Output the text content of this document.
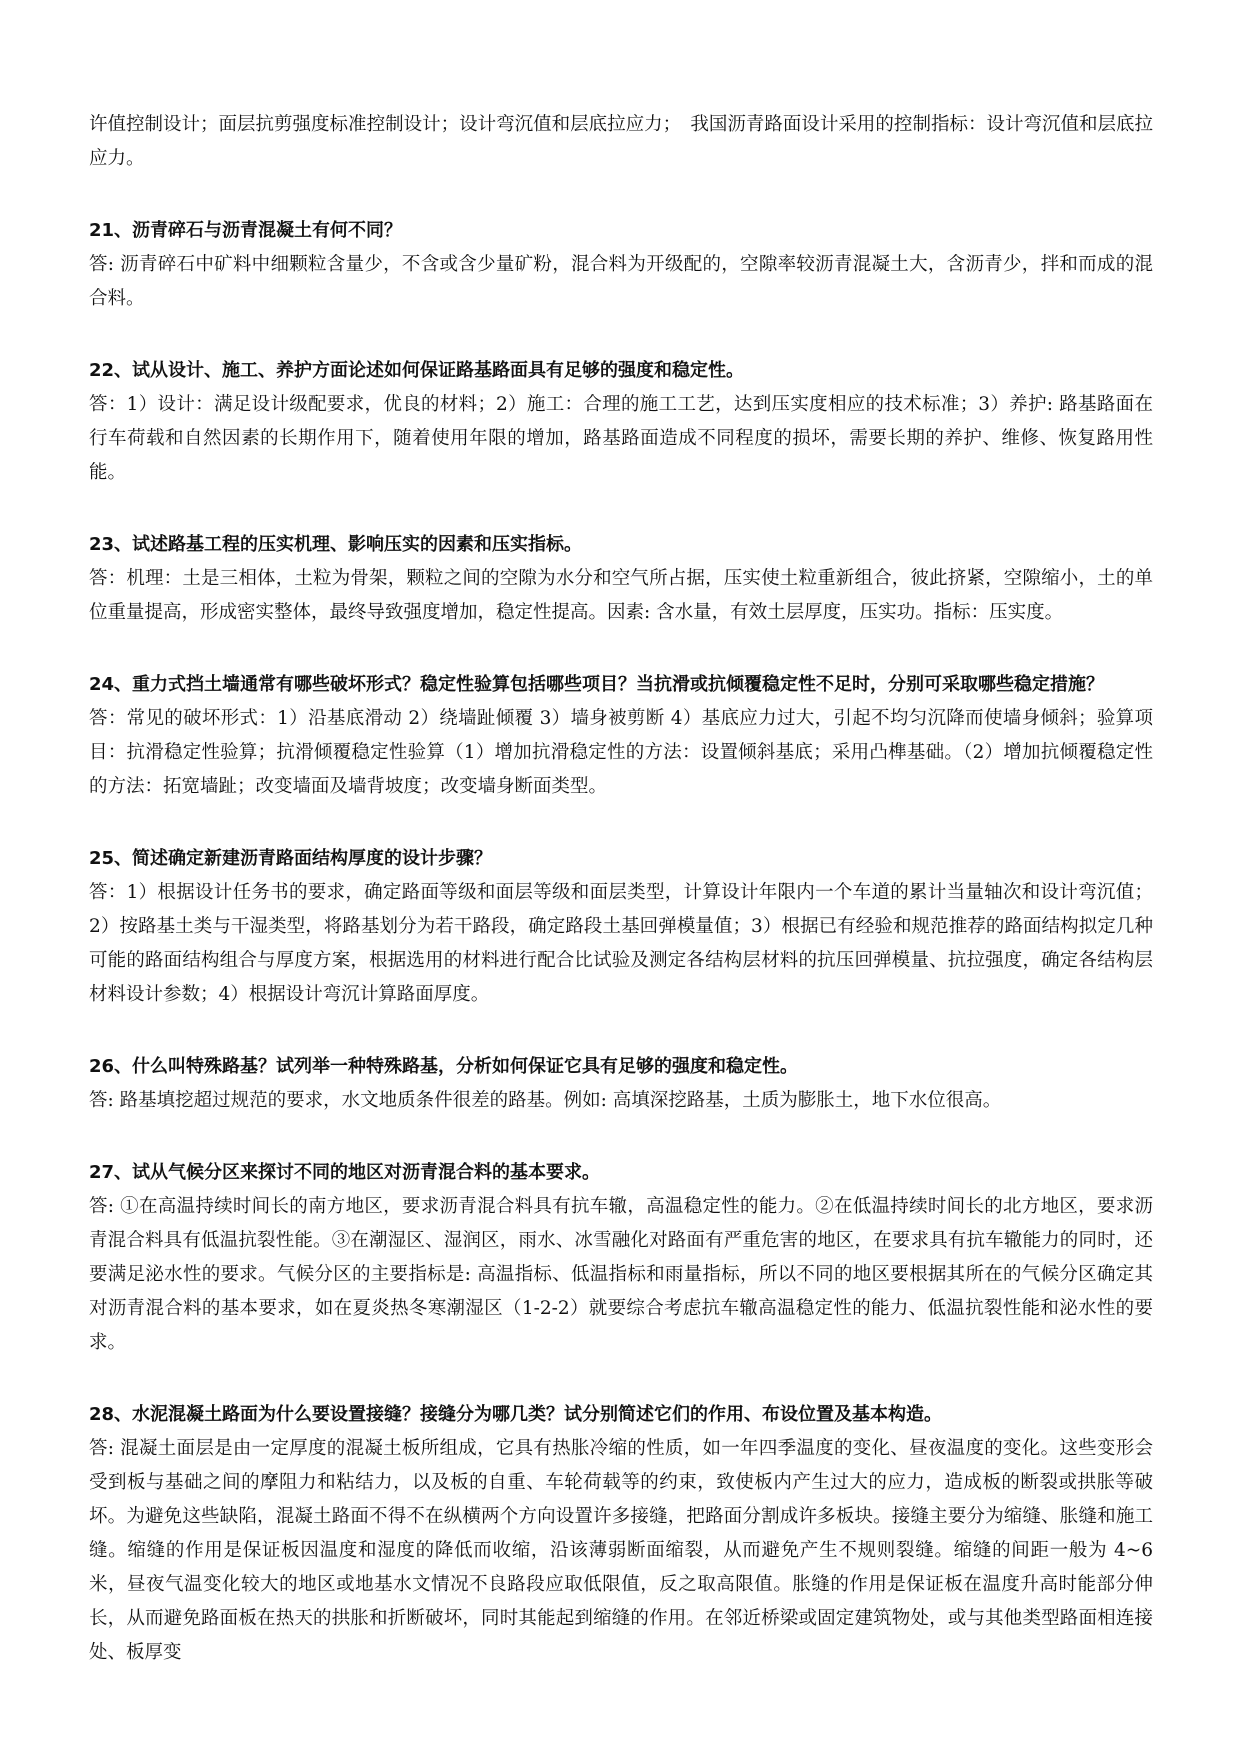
许值控制设计；面层抗剪强度标准控制设计；设计弯沉值和层底拉应力；　我国沥青路面设计采用的控制指标：设计弯沉值和层底拉应力。

21、沥青碎石与沥青混凝土有何不同？

答: 沥青碎石中矿料中细颗粒含量少，不含或含少量矿粉，混合料为开级配的，空隙率较沥青混凝土大，含沥青少，拌和而成的混合料。

22、试从设计、施工、养护方面论述如何保证路基路面具有足够的强度和稳定性。

答：1）设计：满足设计级配要求，优良的材料；2）施工：合理的施工工艺，达到压实度相应的技术标准；3）养护: 路基路面在行车荷载和自然因素的长期作用下，随着使用年限的增加，路基路面造成不同程度的损坏，需要长期的养护、维修、恢复路用性能。

23、试述路基工程的压实机理、影响压实的因素和压实指标。

答：机理：土是三相体，土粒为骨架，颗粒之间的空隙为水分和空气所占据，压实使土粒重新组合，彼此挤紧，空隙缩小，土的单位重量提高，形成密实整体，最终导致强度增加，稳定性提高。因素: 含水量，有效土层厚度，压实功。指标：压实度。

24、重力式挡土墙通常有哪些破坏形式？稳定性验算包括哪些项目？当抗滑或抗倾覆稳定性不足时，分别可采取哪些稳定措施？

答：常见的破坏形式：1）沿基底滑动 2）绕墙趾倾覆 3）墙身被剪断 4）基底应力过大，引起不均匀沉降而使墙身倾斜；验算项目：抗滑稳定性验算；抗滑倾覆稳定性验算（1）增加抗滑稳定性的方法：设置倾斜基底；采用凸榫基础。（2）增加抗倾覆稳定性的方法：拓宽墙趾；改变墙面及墙背坡度；改变墙身断面类型。

25、简述确定新建沥青路面结构厚度的设计步骤？

答：1）根据设计任务书的要求，确定路面等级和面层等级和面层类型，计算设计年限内一个车道的累计当量轴次和设计弯沉值；2）按路基土类与干湿类型，将路基划分为若干路段，确定路段土基回弹模量值；3）根据已有经验和规范推荐的路面结构拟定几种可能的路面结构组合与厚度方案，根据选用的材料进行配合比试验及测定各结构层材料的抗压回弹模量、抗拉强度，确定各结构层材料设计参数；4）根据设计弯沉计算路面厚度。

26、什么叫特殊路基？试列举一种特殊路基，分析如何保证它具有足够的强度和稳定性。

答: 路基填挖超过规范的要求，水文地质条件很差的路基。例如: 高填深挖路基，土质为膨胀土，地下水位很高。

27、试从气候分区来探讨不同的地区对沥青混合料的基本要求。

答: ①在高温持续时间长的南方地区，要求沥青混合料具有抗车辙，高温稳定性的能力。②在低温持续时间长的北方地区，要求沥青混合料具有低温抗裂性能。③在潮湿区、湿润区，雨水、冰雪融化对路面有严重危害的地区，在要求具有抗车辙能力的同时，还要满足泌水性的要求。气候分区的主要指标是: 高温指标、低温指标和雨量指标，所以不同的地区要根据其所在的气候分区确定其对沥青混合料的基本要求，如在夏炎热冬寒潮湿区（1-2-2）就要综合考虑抗车辙高温稳定性的能力、低温抗裂性能和泌水性的要求。

28、水泥混凝土路面为什么要设置接缝？接缝分为哪几类？试分别简述它们的作用、布设位置及基本构造。

答: 混凝土面层是由一定厚度的混凝土板所组成，它具有热胀冷缩的性质，如一年四季温度的变化、昼夜温度的变化。这些变形会受到板与基础之间的摩阻力和粘结力，以及板的自重、车轮荷载等的约束，致使板内产生过大的应力，造成板的断裂或拱胀等破坏。为避免这些缺陷，混凝土路面不得不在纵横两个方向设置许多接缝，把路面分割成许多板块。接缝主要分为缩缝、胀缝和施工缝。缩缝的作用是保证板因温度和湿度的降低而收缩，沿该薄弱断面缩裂，从而避免产生不规则裂缝。缩缝的间距一般为 4~6 米，昼夜气温变化较大的地区或地基水文情况不良路段应取低限值，反之取高限值。胀缝的作用是保证板在温度升高时能部分伸长，从而避免路面板在热天的拱胀和折断破坏，同时其能起到缩缝的作用。在邻近桥梁或固定建筑物处，或与其他类型路面相连接处、板厚变
